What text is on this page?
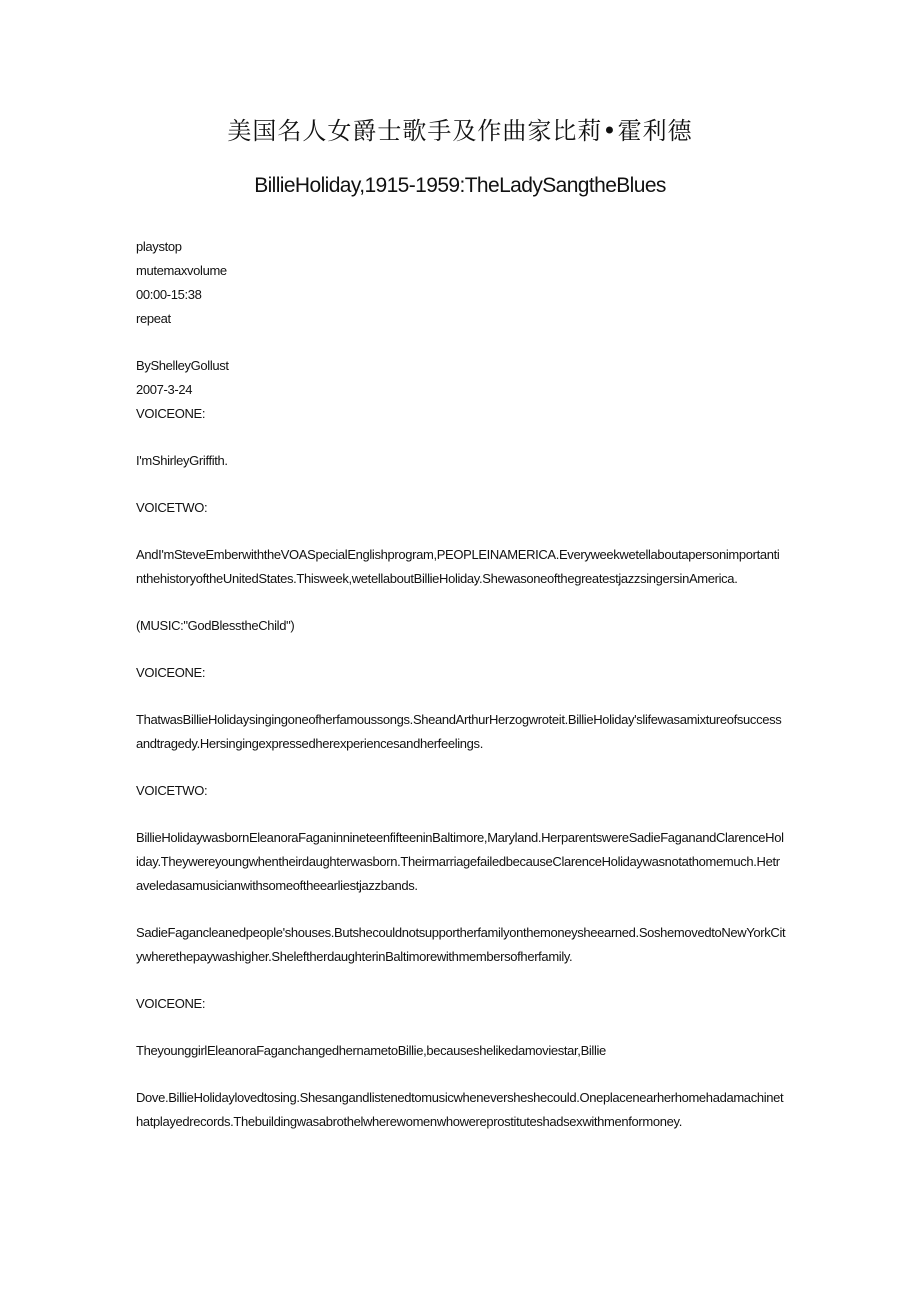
美国名人女爵士歌手及作曲家比莉•霍利德
BillieHoliday,1915-1959:TheLadySangtheBlues
playstop
mutemaxvolume
00:00-15:38
repeat
ByShelleyGollust
2007-3-24
VOICEONE:

I'mShirleyGriffith.

VOICETWO:

AndI'mSteveEmberwiththeVOASpecialEnglishprogram,PEOPLEINAMERICA.EveryweekwetellaboutapersonimportantinthehistoryoftheUnitedStates.Thisweek,wetellaboutBillieHoliday.ShewasoneofthegreatestjazzsingersinAmerica.

(MUSIC:"GodBlesstheChild")

VOICEONE:

ThatwasBillieHolidaysingingoneofherfamoussongs.SheandArthurHerzogwroteit.BillieHoliday'slifewasamixtureofsuccessandtragedy.Hersingingexpressedherexperiencesandherfeelings.

VOICETWO:

BillieHolidaywasbornEleanoraFaganinnineteenfifteeninBaltimore,Maryland.HerparentswereSadieFaganandClarenceHoliday.Theywereyoungwhentheirdaughterwasborn.TheirmarriagefailedbecauseClarenceHolidaywasnotathomemuch.Hetraveledasamusicianwithsomeoftheearliestjazzbands.

SadieFagancleanedpeople'shouses.Butshecouldnotsupportherfamilyonthemoneysheearned.SoshemovedtoNewYorkCitywherethepaywashigher.SheleftherdaughterinBaltimorewithmembersofherfamily.

VOICEONE:

TheyounggirlEleanoraFaganchangedhernametoBillie,becauseshelikedamoviestar,Billie

Dove.BillieHolidaylovedtosing.Shesangandlistenedtomusicwheneversheshecould.Oneplacenearherhomehadamachinethatplayedrecords.Thebuildingwasabrothelwherewomenwhowereprostituteshadsexwithmenformoney.
